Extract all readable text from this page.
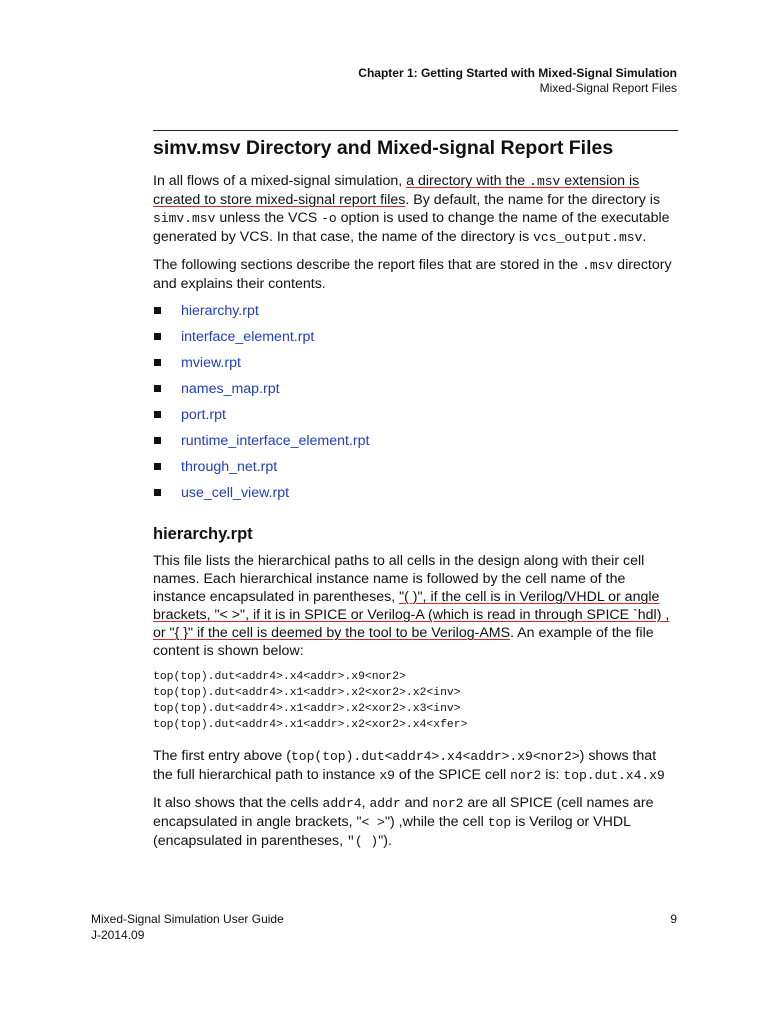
Chapter 1: Getting Started with Mixed-Signal Simulation
Mixed-Signal Report Files
simv.msv Directory and Mixed-signal Report Files

In all flows of a mixed-signal simulation, a directory with the .msv extension is created to store mixed-signal report files. By default, the name for the directory is simv.msv unless the VCS -o option is used to change the name of the executable generated by VCS. In that case, the name of the directory is vcs_output.msv.

The following sections describe the report files that are stored in the .msv directory and explains their contents.

hierarchy.rpt
interface_element.rpt
mview.rpt
names_map.rpt
port.rpt
runtime_interface_element.rpt
through_net.rpt
use_cell_view.rpt
hierarchy.rpt

This file lists the hierarchical paths to all cells in the design along with their cell names. Each hierarchical instance name is followed by the cell name of the instance encapsulated in parentheses, "( )", if the cell is in Verilog/VHDL or angle brackets, "< >", if it is in SPICE or Verilog-A (which is read in through SPICE `hdl) , or "{ }" if the cell is deemed by the tool to be Verilog-AMS. An example of the file content is shown below:

top(top).dut<addr4>.x4<addr>.x9<nor2>
top(top).dut<addr4>.x1<addr>.x2<xor2>.x2<inv>
top(top).dut<addr4>.x1<addr>.x2<xor2>.x3<inv>
top(top).dut<addr4>.x1<addr>.x2<xor2>.x4<xfer>

The first entry above (top(top).dut<addr4>.x4<addr>.x9<nor2>) shows that the full hierarchical path to instance x9 of the SPICE cell nor2 is: top.dut.x4.x9

It also shows that the cells addr4, addr and nor2 are all SPICE (cell names are encapsulated in angle brackets, "< >") ,while the cell top is Verilog or VHDL (encapsulated in parentheses, "( )").

Mixed-Signal Simulation User Guide
J-2014.09
9
